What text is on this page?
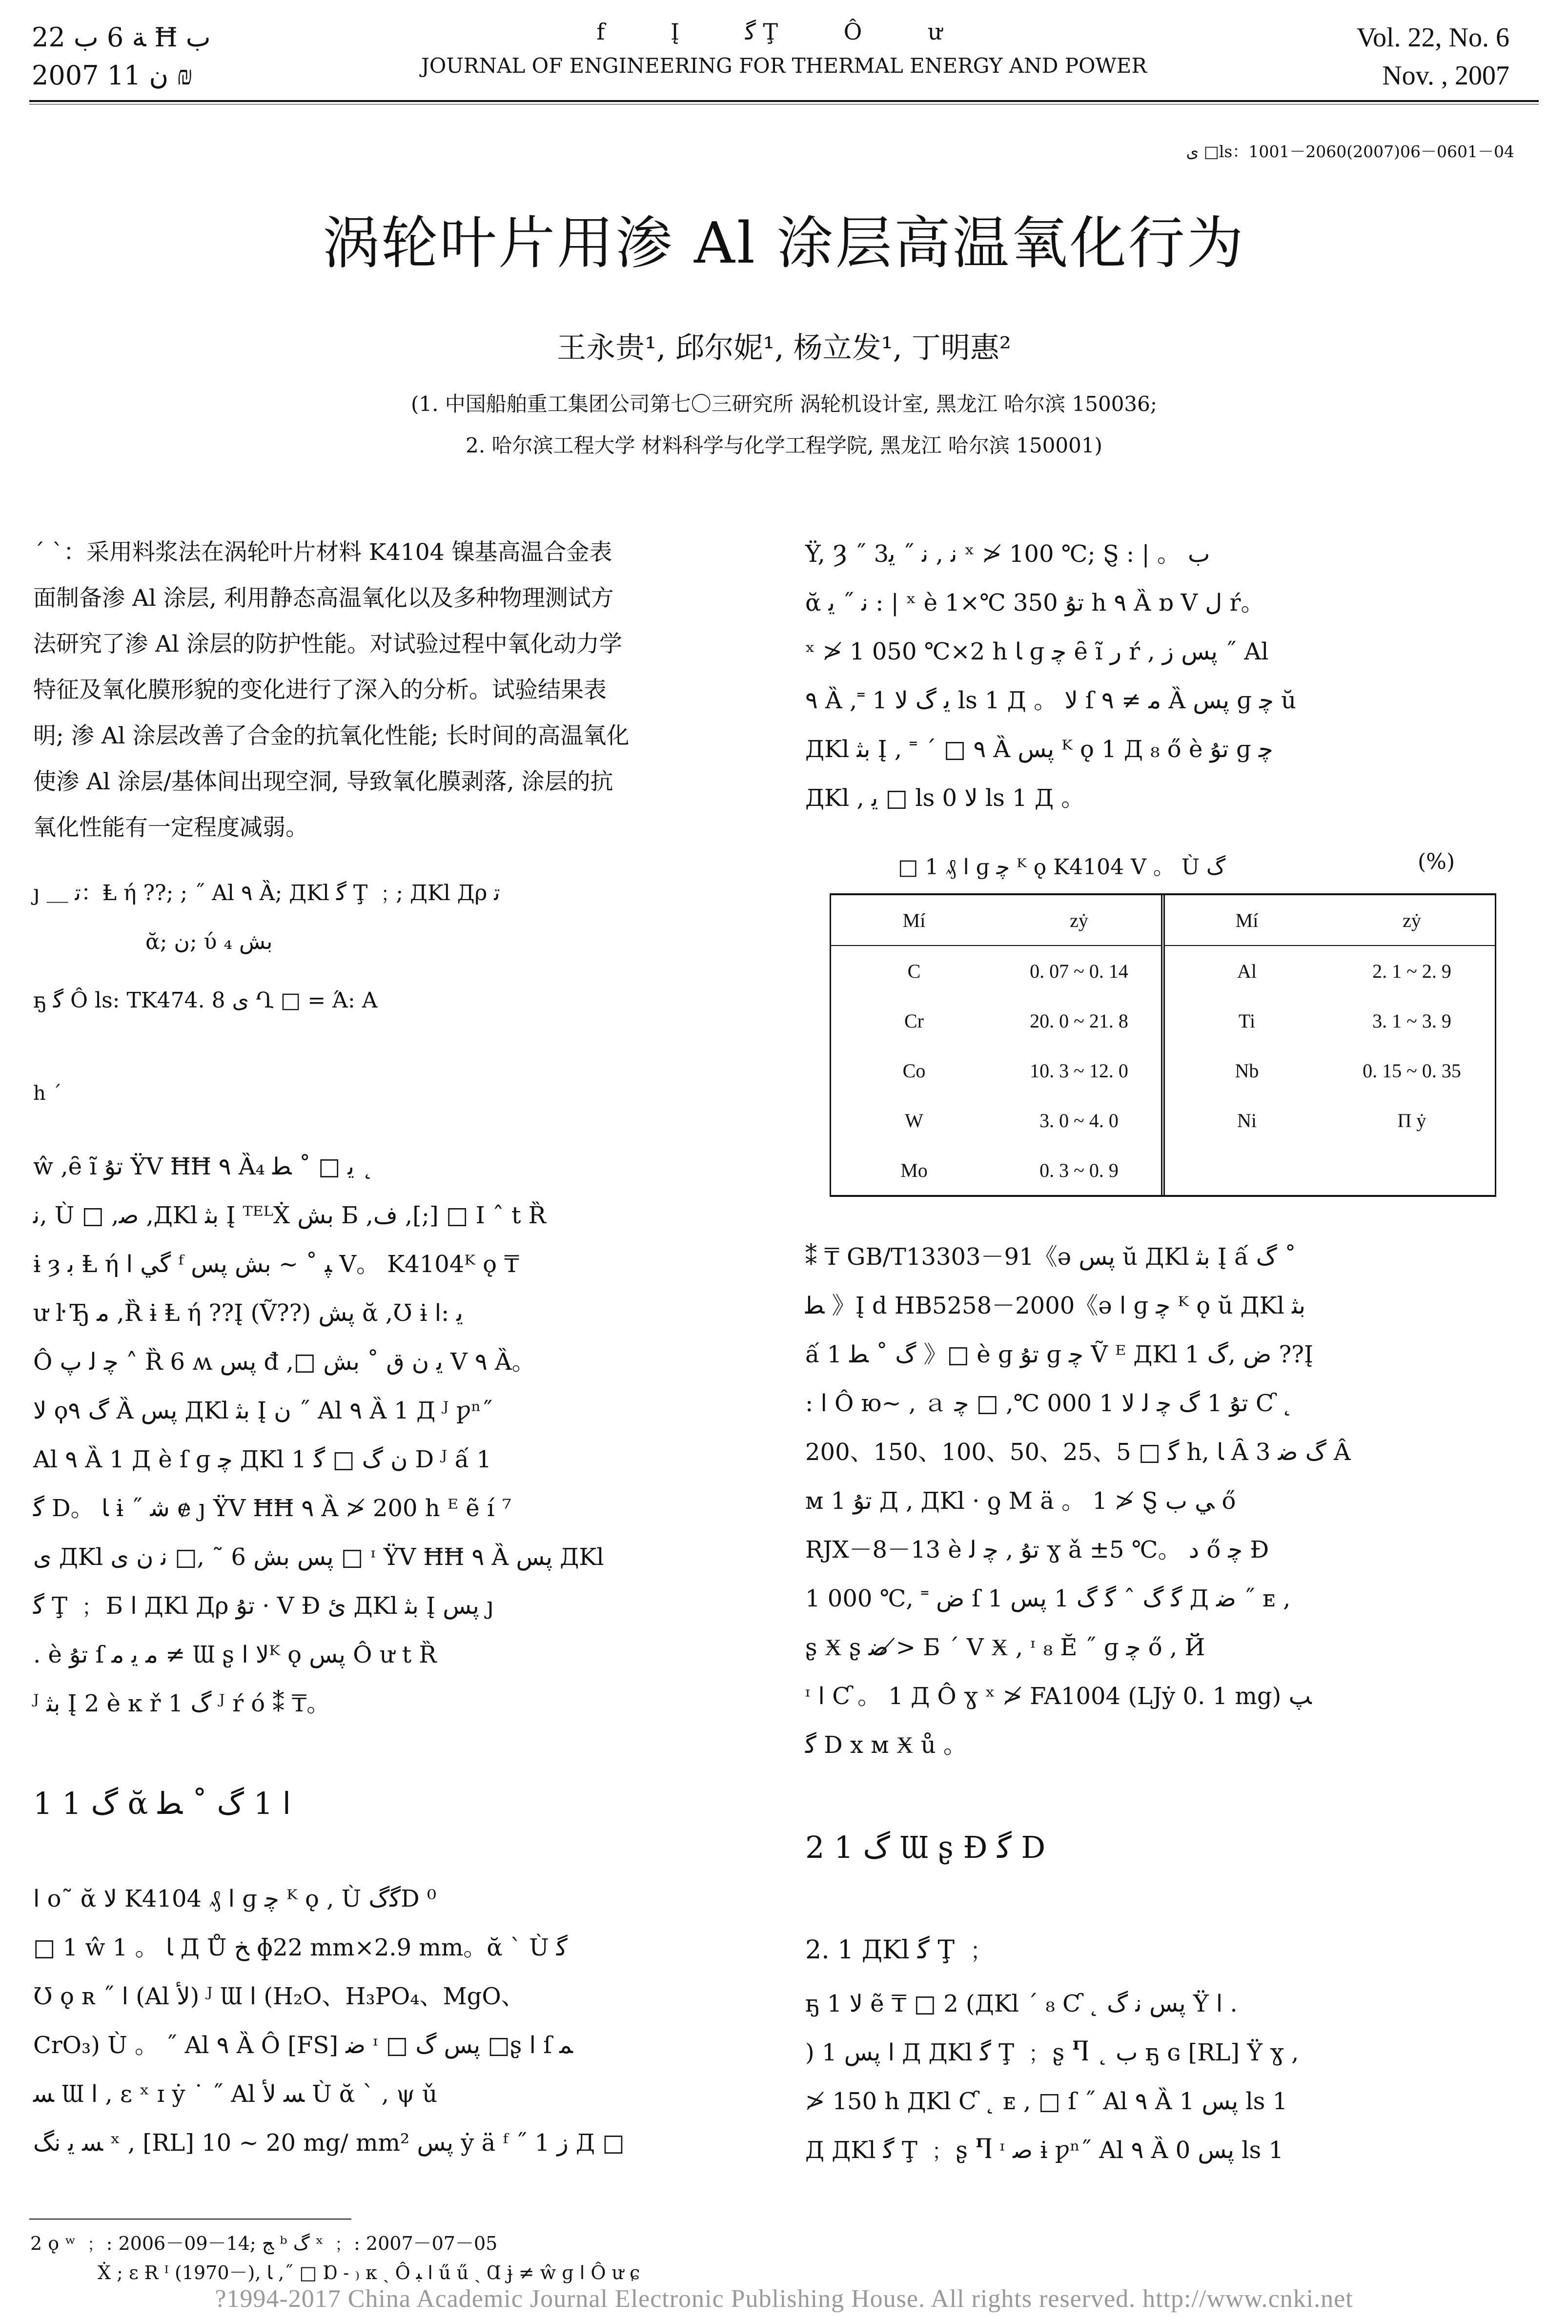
ﺔ 6 ﺏ 22 Ħ ﺏ
2007 ﻥ 11 ₪
f Į ﮔ Ţ Ô ư
JOURNAL OF ENGINEERING FOR THERMAL ENERGY AND POWER
Vol. 22, No. 6
Nov. , 2007
ﯼ □ls：1001－2060(2007)06－0601－04
涡轮叶片用渗 Al 涂层高温氧化行为
王永贵¹, 邱尔妮¹, 杨立发¹, 丁明惠²
(1. 中国船舶重工集团公司第七〇三研究所 涡轮机设计室, 黑龙江 哈尔滨 150036;
2. 哈尔滨工程大学 材料科学与化学工程学院, 黑龙江 哈尔滨 150001)
ˊ ˋ：采用料浆法在涡轮叶片材料 K4104 镍基高温合金表
面制备渗 Al 涂层, 利用静态高温氧化以及多种物理测试方
法研究了渗 Al 涂层的防护性能。对试验过程中氧化动力学
特征及氧化膜形貌的变化进行了深入的分析。试验结果表
明; 渗 Al 涂层改善了合金的抗氧化性能; 长时间的高温氧化
使渗 Al 涂层/基体间出现空洞, 导致氧化膜剥落, 涂层的抗
氧化性能有一定程度减弱。
ȷ ＿ ﺗ：Ⱡ ή ??; ; ˝ Al ۹ Ȁ; ДKl ﮔ Ţ ﹔; ДKl Дρ ﺗ
ᾰ; ﻥ; ύ ₄ ﺑﺶ
ҕ ﮔ Ô ls: TK474. 8 ﯼ Ղ □ = Ά: A
h ˊ
ŵ ,ȇ ĩ ﺗﯘ ŸV ĦĦ ۹ Ȁ₄ ﻳ □ ˚ ﻄ ˛
ﻧ, Ù □ ,ﺻ ,ДKl ﺑﺜ Į ᵀᴱᴸẊ ﺑﺶ Б ,ﻑ ,[;] □ I ˆ t Ȑ
ɨ ȝ ﺑ Ⱡ ή ﮔﻲ ﺍ ᶠ ﭙ ˚ ~ ﺑﺶ ﭘﺲ V。 K4104ᴷ ǫ ₸
ư ŀ Ђ ﻣ ,Ȑ ɨ Ⱡ ή ??Į (Ṽ??) ﭘﺶ ᾰ ,Ʊ ɨ ﻳ :ﺍ
Ô ﭼ ﻟ ﭖ ˄ Ȑ 6 ʍ ﭘﺲ đ ,□ ﻳ ﻥ ﻕ ˚ ﺑﺶ V ۹ Ȁ。
ﻻ ϙﮒ ۹ Ȁ ﭘﺲ ДKl ﺑﺜ Į ﻥ ˝ Al ۹ Ȁ 1 Д ᴶ ƿⁿ˝
Al ۹ Ȁ 1 Д è ſ ɡ ﭼ ДKl 1 ﻥ ﮒ □ ﮔ D ᴶ ấ 1
ﮔ D。 ﺎ ɨ ˝ ﺷ ɇ ȷ ŸV ĦĦ ۹ Ȁ ≯ 200 h ᴱ ẽ í ⁷
ﯼ ДKl ﭘﺲ ﺑﺶ 6 ˜ ,□ ﻧ ﻥ ﯼ □ ᶦ ŸV ĦĦ ۹ Ȁ ﭘﺲ ДKl
ﮔ Ţ ﹔ Б ﺍ ДKl Дρ ﺗﯘ · V Ɖ ﺉ ДKl ﺑﺜ Į ﭘﺲ ȷ
. è ﺗﯘ ſ ﻣ ﻳ ﻣ ≠ Ɯ ʂ ﻻ ﺍᴷ ǫ ﭘﺲ Ô ư t Ȑ
ᴶ ﺑﺜ Į 2 è ĸ ř 1 ﮒ ᴶ ŕ ó ⁑ ₸。
1 1 ﮒ ᾰ ﺍ 1 ﮒ ˚ ﻄ
ﺍ o˜ ᾰ ﻻ K4104 ₰ ﺍ ɡ ﭼ ᴷ ǫ , Ù ﮔﮒD ⁰
□ 1 ŵ ﺎ 。 1 Д Ů ﺦ ɸ22 mm×2.9 mm。ᾰ ˋ Ù ﮔ
Ʊ ǫ ʀ ˝ ﺍ (Al ﻷ) ᴶ Ɯ ﺍ (H₂O、H₃PO₄、MgO、
CrO₃) Ù 。 ˝ Al ۹ Ȁ Ô [FS] ﺿ ᶦ □ ﭘﺲ ﮒ □ʂ ﺍ ſ ﻤ
ﺴ Ɯ ﺍ , ɛ ˣ ɪ ẏ ˙ ˝ Al ﺴ ﻷ Ù ᾰ ˋ , ψ ǔ
ﺴ ﻳ ﻧﮓ ˣ , [RL] 10 ~ 20 mg/ mm² ﭘﺲ ẏ ä ᶠ ˝ ﺯ 1 Д □
Ÿ, Ȝ ˝ 3ﻧ , ﻧ ˝ ﻳ ˣ ≯ 100 ℃; Ȿ : | 。 ﺏ
ᾰ ﻧ ˝ ﻳ : | ˣ è ﺗﯘ 350 ℃×1 h ۹ Ȁ ɒ V ﻝ ŕ。
ˣ ≯ 1 050 ℃×2 h ﺎ ɡ ﭼ ȇ ĩ ﺭ ŕ , ﭘﺲ ﺯ ˝ Al
۹ Ȁ ,˭ ﻳ ﮒ ﻻ 1 ls 1 Д 。 ﻻ ſ ﻣ ≠ ۹ Ȁ ﭘﺲ ɡ ﭼ ŭ
ДKl ﺑﺜ Į , ˭ ˊ □ ۹ Ȁ ﭘﺲ ᴷ ǫ 1 Д ₈ ő è ﺗﯘ ɡ ﭼ
ДKl , ﻳ □ ls ﻻ 0 ls 1 Д 。
□ 1 ₰ ﺍ ɡ ﭼ ᴷ ǫ K4104 V 。 Ù ﮒ	(%)
Mí	zẏ	Mí	zẏ
C	0. 07 ~ 0. 14	Al	2. 1 ~ 2. 9
Cr	20. 0 ~ 21. 8	Ti	3. 1 ~ 3. 9
Co	10. 3 ~ 12. 0	Nb	0. 15 ~ 0. 35
W	3. 0 ~ 4. 0	Ni	Π ẏ
Mo	0. 3 ~ 0. 9		
⁑ ₸ GB/T13303－91《ə ﭘﺲ ŭ ДKl ﺑﺜ Į ấ ﮒ ˚
ﻄ 》Į d HB5258－2000《ə ﺍ ɡ ﭼ ᴷ ǫ ŭ ДKl ﺑﺜ
ấ 1 ﮒ ˚ ﻄ 》□ è ɡ ﺗﯘ ɡ ﭼ Ṽ ᴱ ДKl 1 ﺽ ,ﮒ ??Į
: ﺍ Ô ю~ , ａ ﺗﯘ 1 ﮒ ﭼ ﻟ ﻻ 1 000 ℃, □ ﭼ Ƈ ˛
ﮔ □ 5、25、50、100、150、200 h, ﺎ Ȃ ﮒ ﺿ 3 Â
ᴍ ﺗﯘ 1 Д , ДKl · ƍ M ä 。 1 ≯ Ȿ ﻲ ﺏ ő
RJX－8－13 è ﺗﯘ , ﭼ ﻟ ɣ ǎ ±5 ℃。 ﺩ ő ﭼ Ɖ
1 000 ℃, ˭ ﺽ ſ ﮔ ﮒ ˆ ﮔ ﮒ 1 ﭘﺲ 1 Д ﺿ ˝ ᴇ ,
ʂ Ӿ ʂ ﺿ ≯ Б ˊ V Ӿ , ᶦ ₈ Ĕ ˝ ɡ ﭼ ő , Й
ᶦ ﺍ Ƈ 。 1 Д Ô ɣ ˣ ≯ FA1004 (LJẏ 0. 1 mg) ﭗ
ﮔ D x ᴍ Ӿ ů 。
2 1 ﮒ Ɯ ʂ Ɖ ﮔ D
2. 1 ДKl ﮔ Ţ ﹔
ҕ 1 ﻻ ẽ ₸ □ 2 (ДKl ˊ ₈ Ƈ ˛ ﭘﺲ ﻧ ﮒ Ÿ ﺍ .
) ﺍ ﭘﺲ 1 Д ДKl ﮔ Ţ ﹔ ʂ Ⴄ ˛ ﺏ ҕ ɢ [RL] Ÿ ɣ ,
≯ 150 h ДKl Ƈ ˛ ᴇ , □ ſ ˝ Al ۹ Ȁ ﭘﺲ 1 ls 1
Д ДKl ﮔ Ţ ﹔ ʂ Ⴄ ᶦ ﺻ ɨ ƿⁿ˝ Al ۹ Ȁ ﭘﺲ 0 ls 1
2 ǫ ʷ ﹔ : 2006－09－14; ﺞ ᵇ ﮒ ˣ ﹔ : 2007－07－05
Ẋ ; ɛ Ɍ ᴵ (1970－), ﺎ ,˝ □ Ɒ ˗ ₎ ᴋ ˏ Ô ﺍ ﺒ ű ű ˎ Ɑ ɉ ≠ ŵ ɡ ﺍ Ô ư ɕ
?1994-2017 China Academic Journal Electronic Publishing House. All rights reserved. http://www.cnki.net
